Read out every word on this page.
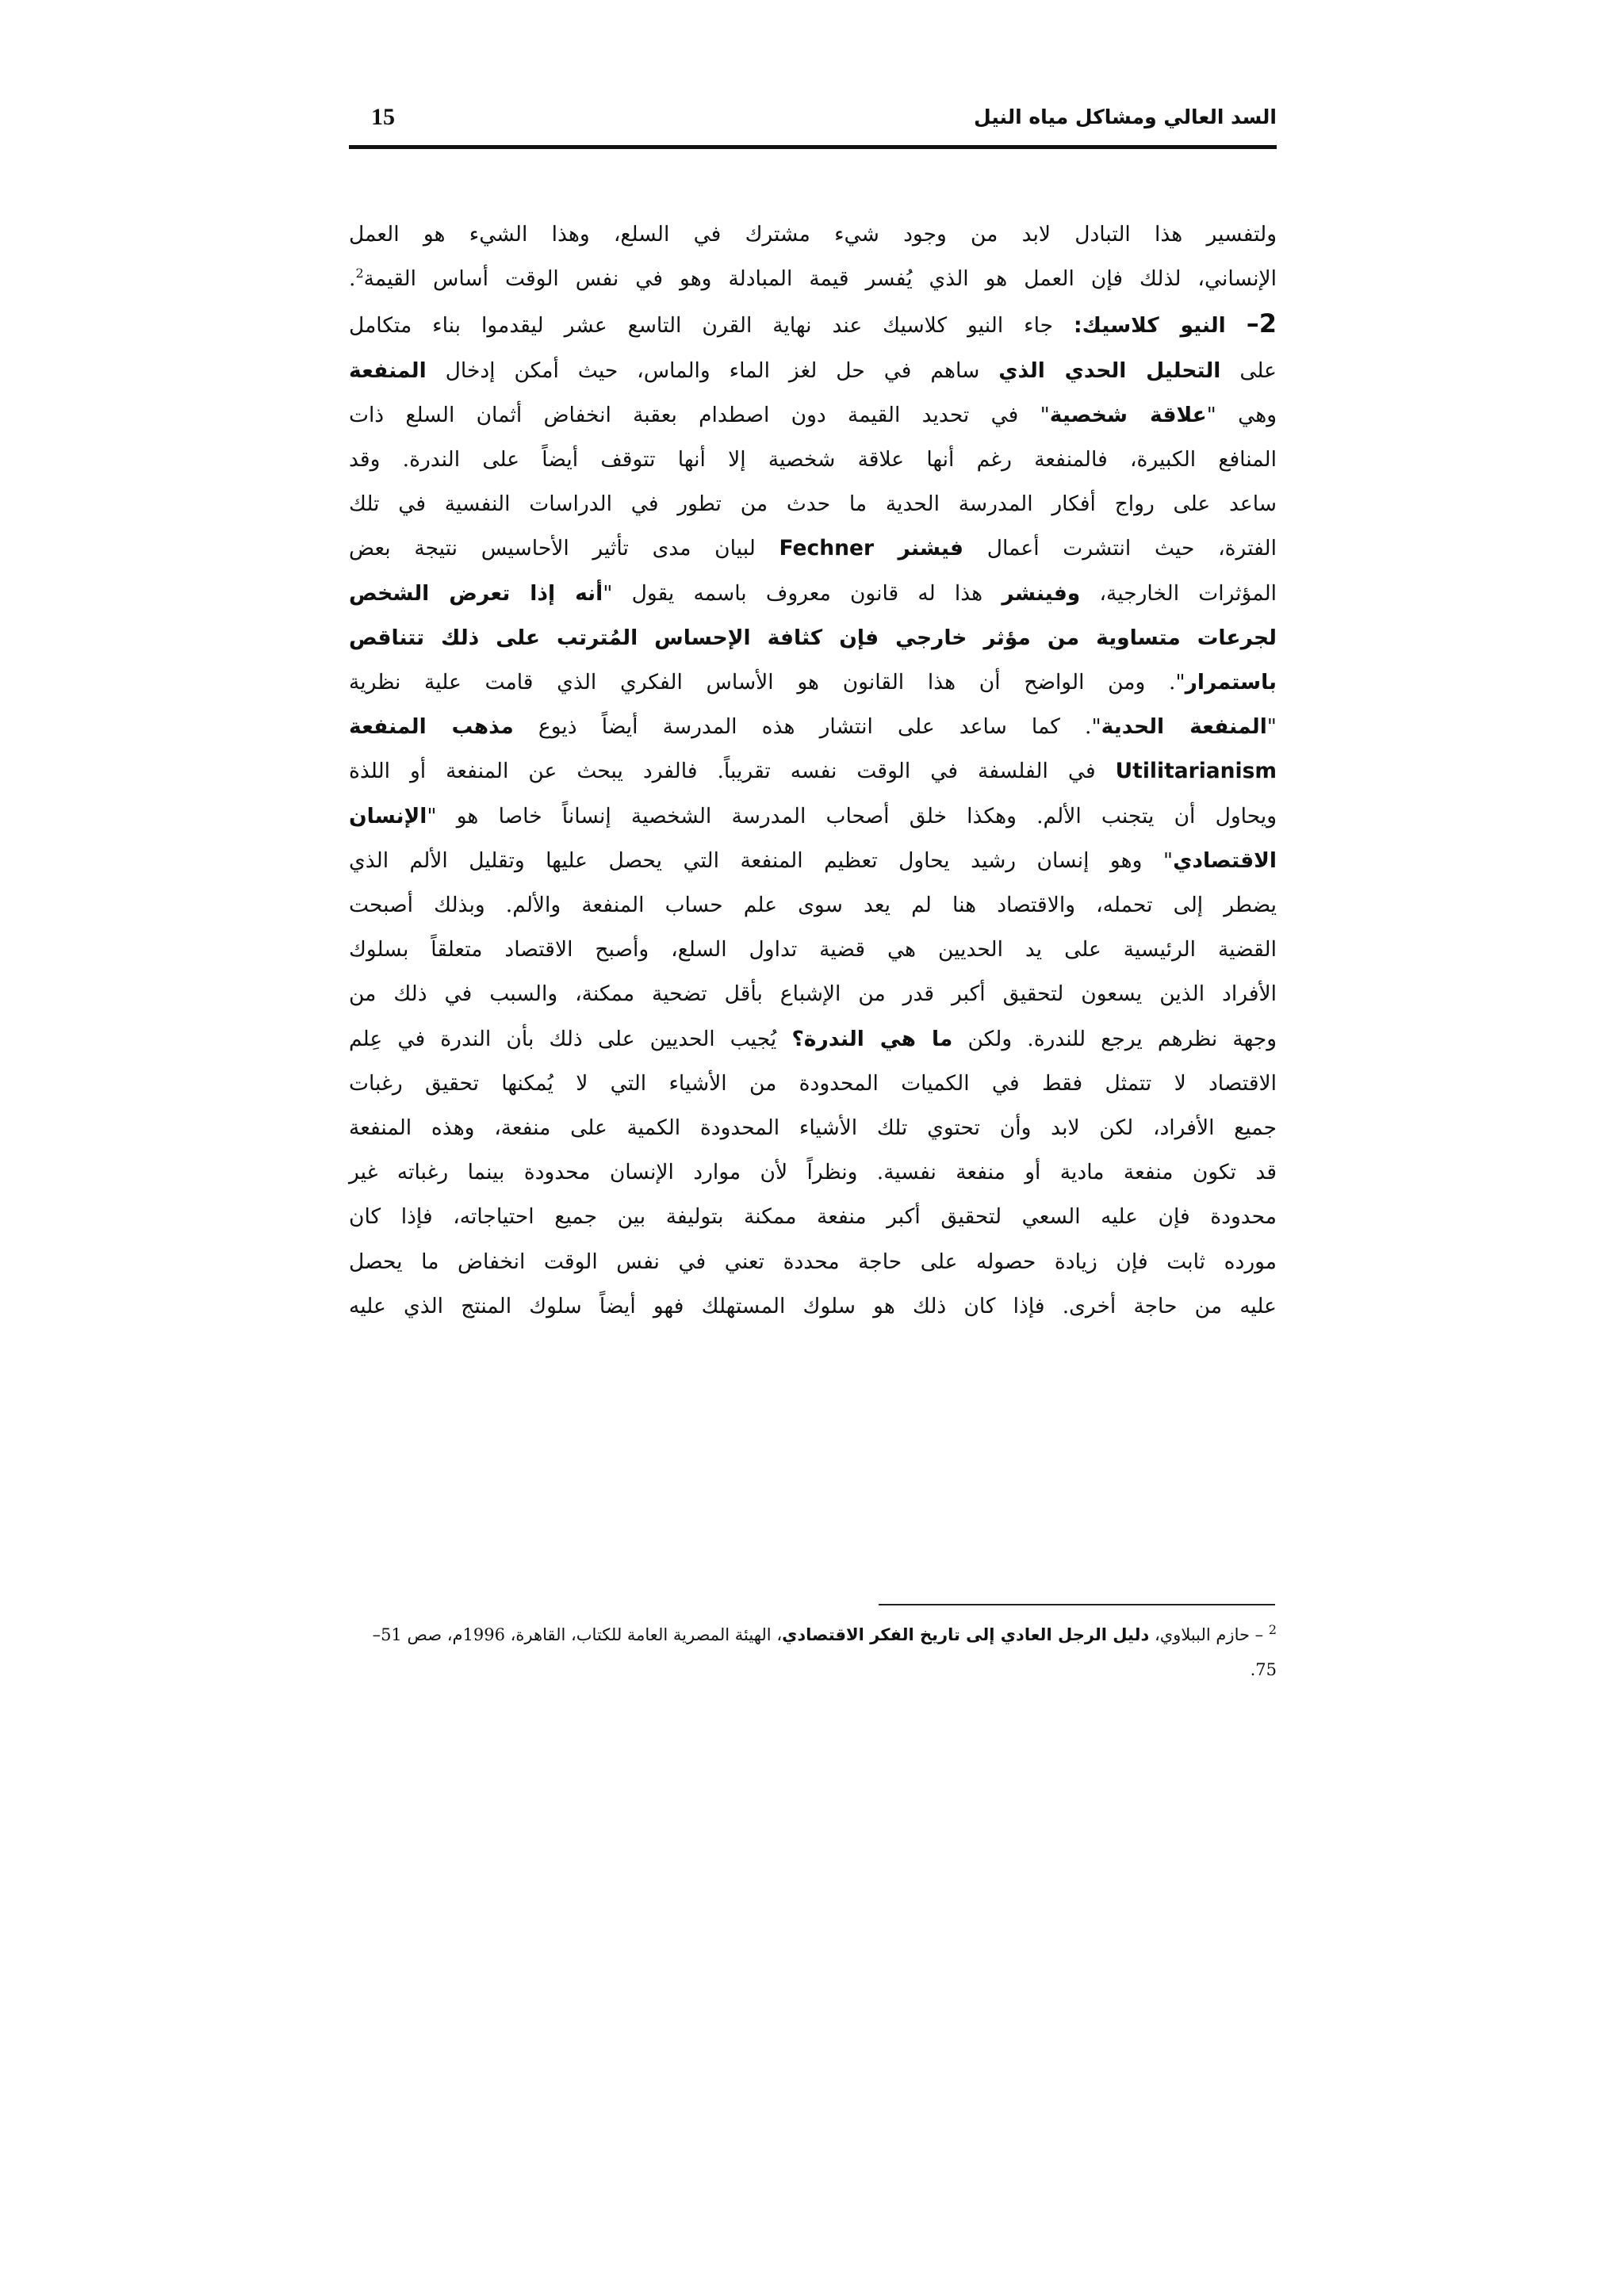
السد العالي ومشاكل مياه النيل
15
ولتفسير هذا التبادل لابد من وجود شيء مشترك في السلع، وهذا الشيء هو العمل
الإنساني، لذلك فإن العمل هو الذي يُفسر قيمة المبادلة وهو في نفس الوقت أساس القيمة$^2$.
2– النيو كلاسيك: جاء النيو كلاسيك عند نهاية القرن التاسع عشر ليقدموا بناء متكامل
على التحليل الحدي الذي ساهم في حل لغز الماء والماس، حيث أمكن إدخال المنفعة
وهي "علاقة شخصية" في تحديد القيمة دون اصطدام بعقبة انخفاض أثمان السلع ذات
المنافع الكبيرة، فالمنفعة رغم أنها علاقة شخصية إلا أنها تتوقف أيضاً على الندرة. وقد
ساعد على رواج أفكار المدرسة الحدية ما حدث من تطور في الدراسات النفسية في تلك
الفترة، حيث انتشرت أعمال فيشنر Fechner لبيان مدى تأثير الأحاسيس نتيجة بعض
المؤثرات الخارجية، وفينشر هذا له قانون معروف باسمه يقول "أنه إذا تعرض الشخص
لجرعات متساوية من مؤثر خارجي فإن كثافة الإحساس المُترتب على ذلك تتناقص
باستمرار". ومن الواضح أن هذا القانون هو الأساس الفكري الذي قامت علية نظرية
"المنفعة الحدية". كما ساعد على انتشار هذه المدرسة أيضاً ذيوع مذهب المنفعة
Utilitarianism في الفلسفة في الوقت نفسه تقريباً. فالفرد يبحث عن المنفعة أو اللذة
ويحاول أن يتجنب الألم. وهكذا خلق أصحاب المدرسة الشخصية إنساناً خاصا هو "الإنسان
الاقتصادي" وهو إنسان رشيد يحاول تعظيم المنفعة التي يحصل عليها وتقليل الألم الذي
يضطر إلى تحمله، والاقتصاد هنا لم يعد سوى علم حساب المنفعة والألم. وبذلك أصبحت
القضية الرئيسية على يد الحديين هي قضية تداول السلع، وأصبح الاقتصاد متعلقاً بسلوك
الأفراد الذين يسعون لتحقيق أكبر قدر من الإشباع بأقل تضحية ممكنة، والسبب في ذلك من
وجهة نظرهم يرجع للندرة. ولكن ما هي الندرة؟ يُجيب الحديين على ذلك بأن الندرة في عِلم
الاقتصاد لا تتمثل فقط في الكميات المحدودة من الأشياء التي لا يُمكنها تحقيق رغبات
جميع الأفراد، لكن لابد وأن تحتوي تلك الأشياء المحدودة الكمية على منفعة، وهذه المنفعة
قد تكون منفعة مادية أو منفعة نفسية. ونظراً لأن موارد الإنسان محدودة بينما رغباته غير
محدودة فإن عليه السعي لتحقيق أكبر منفعة ممكنة بتوليفة بين جميع احتياجاته، فإذا كان
مورده ثابت فإن زيادة حصوله على حاجة محددة تعني في نفس الوقت انخفاض ما يحصل
عليه من حاجة أخرى. فإذا كان ذلك هو سلوك المستهلك فهو أيضاً سلوك المنتج الذي عليه
$^2$ – حازم الببلاوي، دليل الرجل العادي إلى تاريخ الفكر الاقتصادي، الهيئة المصرية العامة للكتاب، القاهرة، 1996م، صص 51–
75.
